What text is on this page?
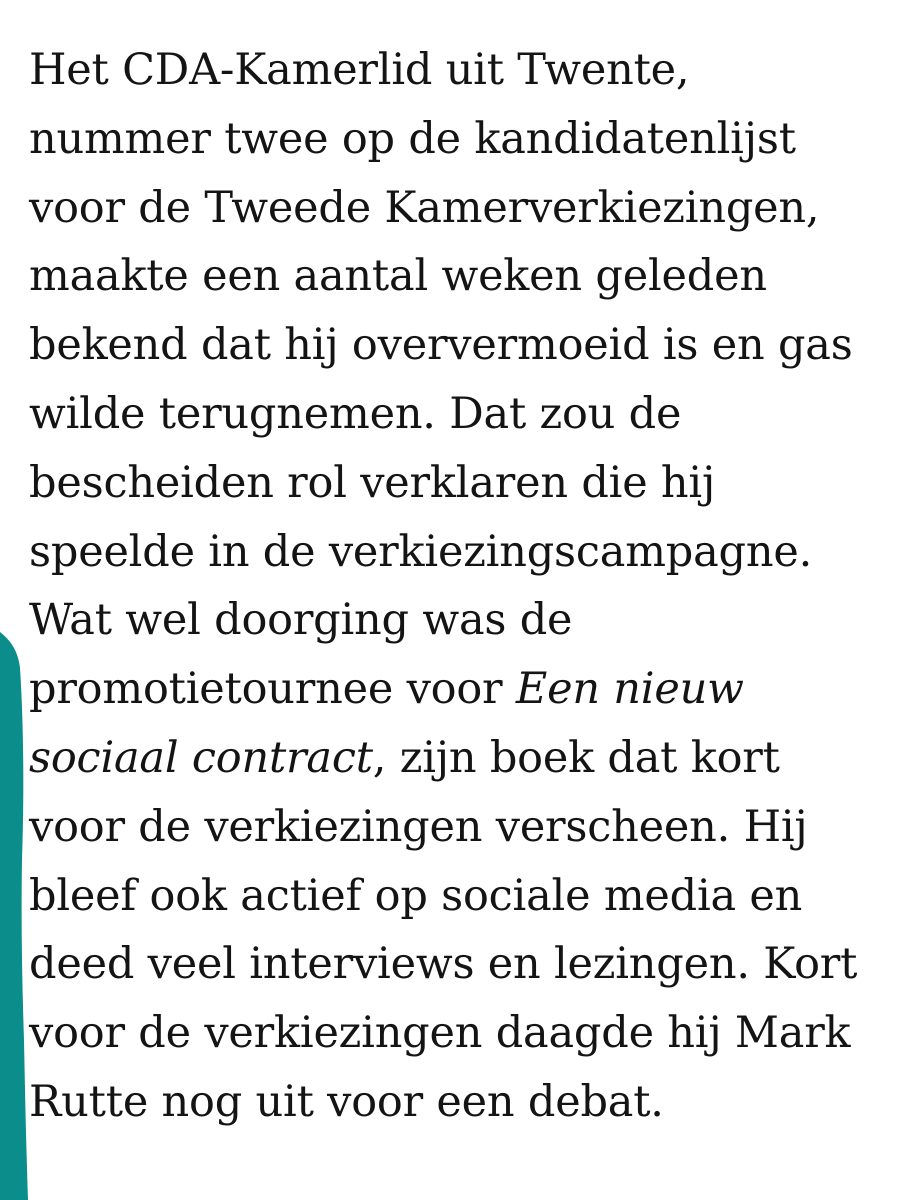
Het CDA-Kamerlid uit Twente,
nummer twee op de kandidatenlijst
voor de Tweede Kamerverkiezingen,
maakte een aantal weken geleden
bekend dat hij oververmoeid is en gas
wilde terugnemen. Dat zou de
bescheiden rol verklaren die hij
speelde in de verkiezingscampagne.
Wat wel doorging was de
promotietournee voor Een nieuw
sociaal contract, zijn boek dat kort
voor de verkiezingen verscheen. Hij
bleef ook actief op sociale media en
deed veel interviews en lezingen. Kort
voor de verkiezingen daagde hij Mark
Rutte nog uit voor een debat.
